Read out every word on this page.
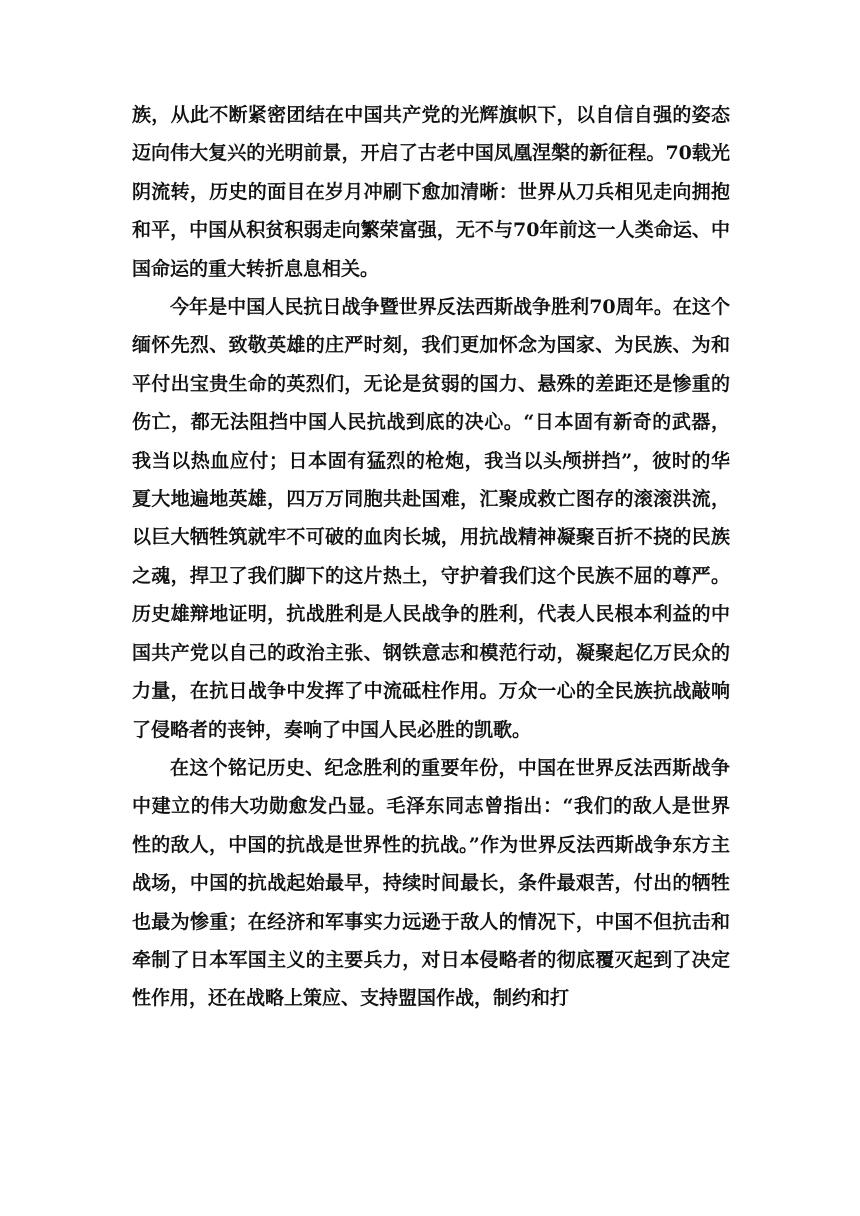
族，从此不断紧密团结在中国共产党的光辉旗帜下，以自信自强的姿态迈向伟大复兴的光明前景，开启了古老中国凤凰涅槃的新征程。70载光阴流转，历史的面目在岁月冲刷下愈加清晰：世界从刀兵相见走向拥抱和平，中国从积贫积弱走向繁荣富强，无不与70年前这一人类命运、中国命运的重大转折息息相关。

今年是中国人民抗日战争暨世界反法西斯战争胜利70周年。在这个缅怀先烈、致敬英雄的庄严时刻，我们更加怀念为国家、为民族、为和平付出宝贵生命的英烈们，无论是贫弱的国力、悬殊的差距还是惨重的伤亡，都无法阻挡中国人民抗战到底的决心。“日本固有新奇的武器，我当以热血应付；日本固有猛烈的枪炮，我当以头颅拼挡”，彼时的华夏大地遍地英雄，四万万同胞共赴国难，汇聚成救亡图存的滚滚洪流，以巨大牺牲筑就牢不可破的血肉长城，用抗战精神凝聚百折不挠的民族之魂，捍卫了我们脚下的这片热土，守护着我们这个民族不屈的尊严。历史雄辩地证明，抗战胜利是人民战争的胜利，代表人民根本利益的中国共产党以自己的政治主张、钢铁意志和模范行动，凝聚起亿万民众的力量，在抗日战争中发挥了中流砥柱作用。万众一心的全民族抗战敲响了侵略者的丧钟，奏响了中国人民必胜的凯歌。

在这个铭记历史、纪念胜利的重要年份，中国在世界反法西斯战争中建立的伟大功勋愈发凸显。毛泽东同志曾指出：“我们的敌人是世界性的敌人，中国的抗战是世界性的抗战。”作为世界反法西斯战争东方主战场，中国的抗战起始最早，持续时间最长，条件最艰苦，付出的牺牲也最为惨重；在经济和军事实力远逊于敌人的情况下，中国不但抗击和牵制了日本军国主义的主要兵力，对日本侵略者的彻底覆灭起到了决定性作用，还在战略上策应、支持盟国作战，制约和打
